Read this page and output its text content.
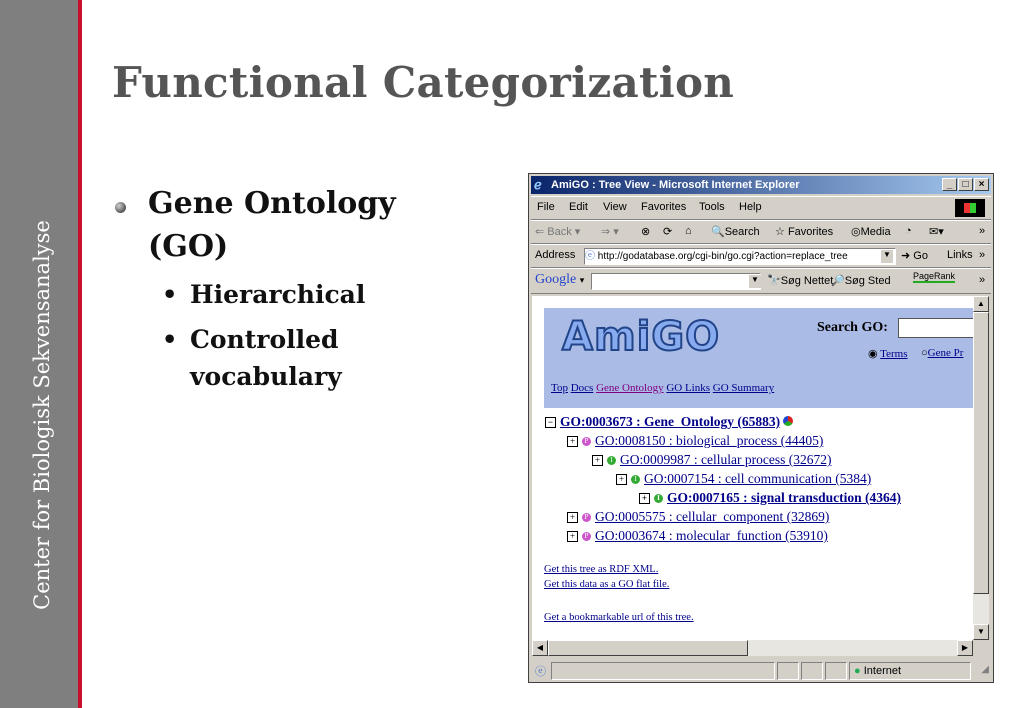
Center for Biologisk Sekvensanalyse
Functional Categorization
Gene Ontology
(GO)
• Hierarchical
• Controlled
vocabulary
ℯ AmiGO : Tree View - Microsoft Internet Explorer	_	□	×
File Edit View Favorites Tools Help
⇐ Back ▾ ⇒ ▾ ⊗ ⟳ ⌂ 🔍Search ☆ Favorites ◎Media ◔ ✉▾	»
Address ⓔ http://godatabase.org/cgi-bin/go.cgi?action=replace_tree	▼ ➜ Go Links »
Google ▾	▼ 🔭Søg Nettet
🔎Søg Sted PageRank »
AmiGO	Search GO:
◉ Terms ○Gene Pr
Top Docs Gene Ontology GO Links GO Summary
− GO:0003673 : Gene_Ontology (65883)
+ P GO:0008150 : biological_process (44405)
+ I GO:0009987 : cellular process (32672)
+ I GO:0007154 : cell communication (5384)
+ I GO:0007165 : signal transduction (4364)
+ P GO:0005575 : cellular_component (32869)
+ P GO:0003674 : molecular_function (53910)
Get this tree as RDF XML.
Get this data as a GO flat file.
Get a bookmarkable url of this tree.
▲
▼
◀	▶
ⓔ	● Internet	◢
